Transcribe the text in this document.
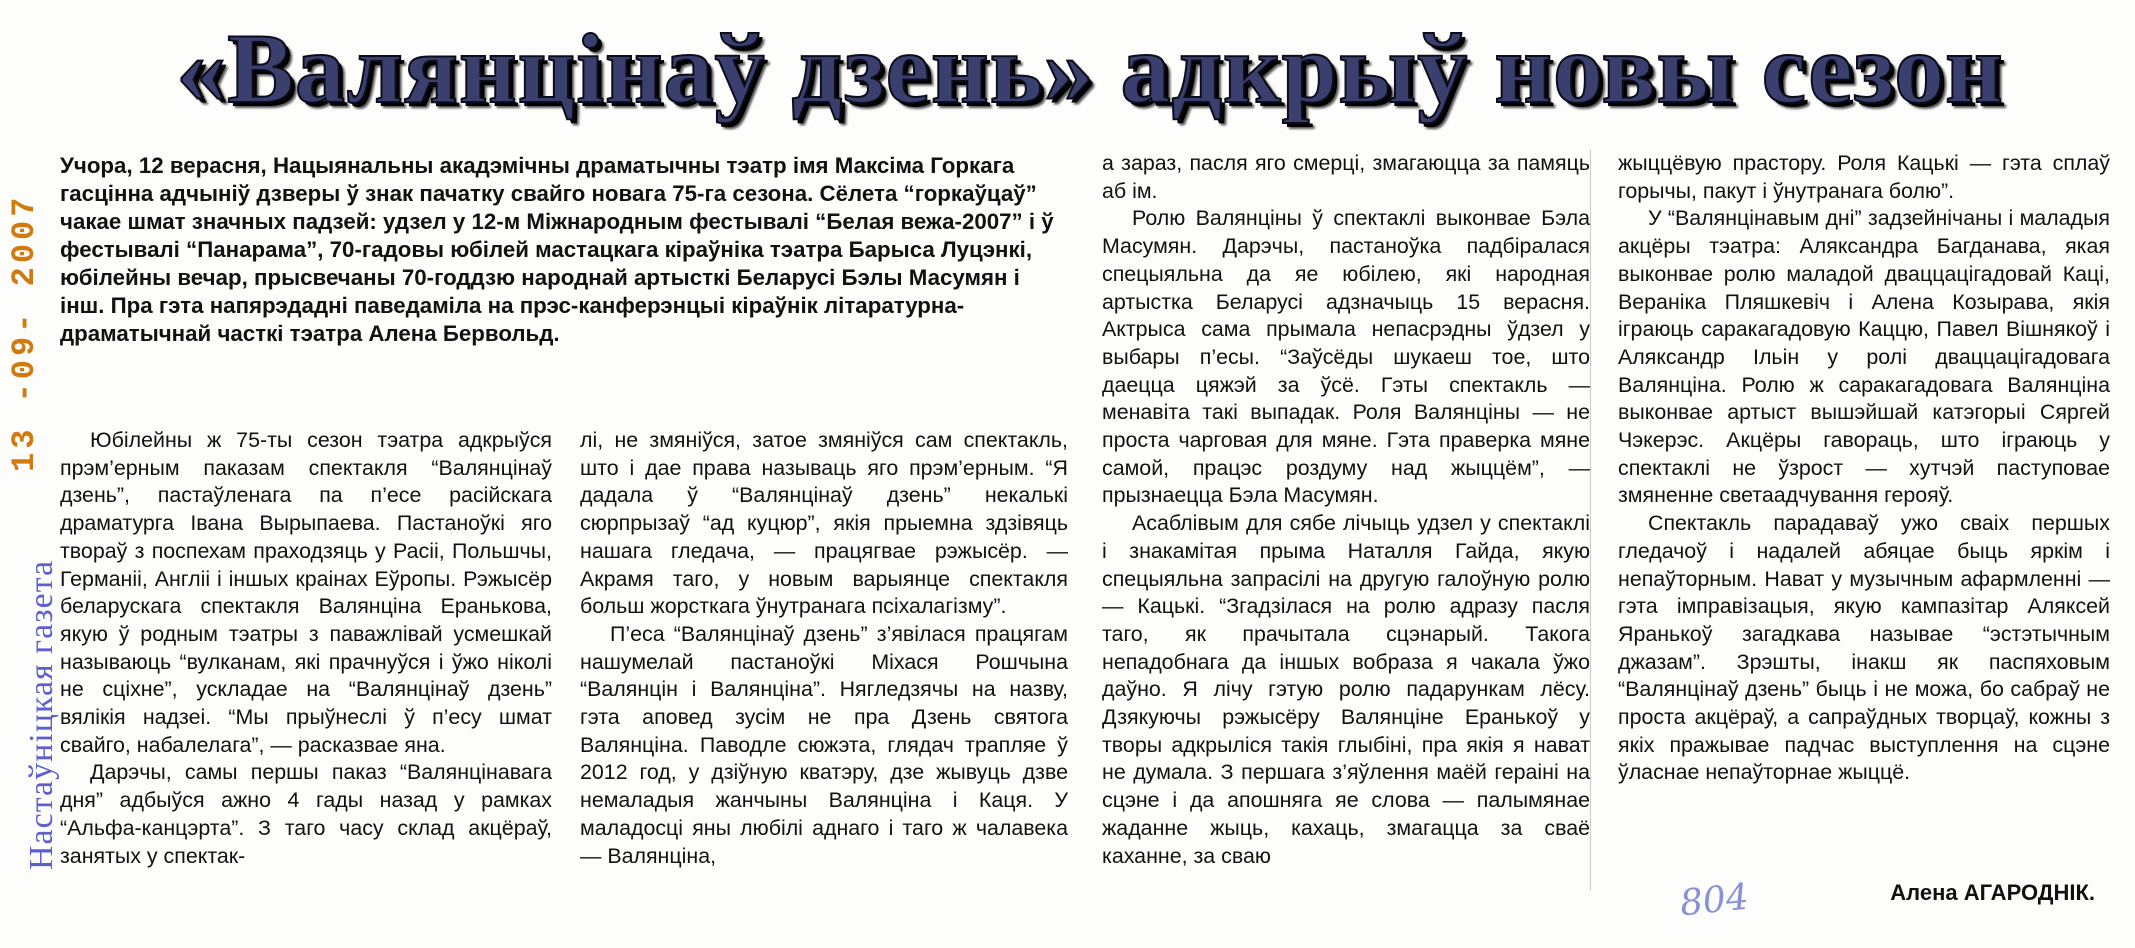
«Валянцінаў дзень» адкрыў новы сезон
Настаўніцкая газета
13 -09- 2007
Учора, 12 верасня, Нацыянальны акадэмічны драматычны тэатр імя Максіма Горкага гасцінна адчыніў дзверы ў знак пачатку свайго новага 75-га сезона. Сёлета “горкаўцаў” чакае шмат значных падзей: удзел у 12-м Міжнародным фестывалі “Белая вежа-2007” і ў фестывалі “Панарама”, 70-гадовы юбілей мастацкага кіраўніка тэатра Барыса Луцэнкі, юбілейны вечар, прысвечаны 70-годдзю народнай артысткі Беларусі Бэлы Масумян і інш. Пра гэта напярэдадні паведаміла на прэс-канферэнцыі кіраўнік літаратурна-драматычнай часткі тэатра Алена Бервольд.

Юбілейны ж 75-ты сезон тэатра адкрыўся прэм’ерным паказам спектакля “Валянцінаў дзень”, пастаўленага па п’есе расійскага драматурга Івана Вырыпаева. Пастаноўкі яго твораў з поспехам праходзяць у Расіі, Польшчы, Германіі, Англіі і іншых краінах Еўропы. Рэжысёр беларускага спектакля Валянціна Еранькова, якую ў родным тэатры з паважлівай усмешкай называюць “вулканам, які прачнуўся і ўжо ніколі не сціхне”, ускладае на “Валянцінаў дзень” вялікія надзеі. “Мы прыўнеслі ў п’есу шмат свайго, набалелага”, — расказвае яна.

Дарэчы, самы першы паказ “Валянцінавага дня” адбыўся ажно 4 гады назад у рамках “Альфа-канцэрта”. З таго часу склад акцёраў, занятых у спектак-

лі, не змяніўся, затое змяніўся сам спектакль, што і дае права называць яго прэм’ерным. “Я дадала ў “Валянцінаў дзень” некалькі сюрпрызаў “ад куцюр”, якія прыемна здзівяць нашага гледача, — працягвае рэжысёр. — Акрамя таго, у новым варыянце спектакля больш жорсткага ўнутранага псіхалагізму”.

П’еса “Валянцінаў дзень” з’явілася працягам нашумелай пастаноўкі Міхася Рошчына “Валянцін і Валянціна”. Нягледзячы на назву, гэта аповед зусім не пра Дзень святога Валянціна. Паводле сюжэта, глядач трапляе ў 2012 год, у дзіўную кватэру, дзе жывуць дзве немаладыя жанчыны Валянціна і Каця. У маладосці яны любілі аднаго і таго ж чалавека — Валянціна,

а зараз, пасля яго смерці, змагаюцца за памяць аб ім.

Ролю Валянціны ў спектаклі выконвае Бэла Масумян. Дарэчы, пастаноўка падбіралася спецыяльна да яе юбілею, які народная артыстка Беларусі адзначыць 15 верасня. Актрыса сама прымала непасрэдны ўдзел у выбары п’есы. “Заўсёды шукаеш тое, што даецца цяжэй за ўсё. Гэты спектакль — менавіта такі выпадак. Роля Валянціны — не проста чарговая для мяне. Гэта праверка мяне самой, працэс роздуму над жыццём”, — прызнаецца Бэла Масумян.

Асаблівым для сябе лічыць удзел у спектаклі і знакамітая прыма Наталля Гайда, якую спецыяльна запрасілі на другую галоўную ролю — Кацькі. “Згадзілася на ролю адразу пасля таго, як прачытала сцэнарый. Такога непадобнага да іншых вобраза я чакала ўжо даўно. Я лічу гэтую ролю падарункам лёсу. Дзякуючы рэжысёру Валянціне Еранькоў у творы адкрыліся такія глыбіні, пра якія я нават не думала. З першага з’яўлення маёй гераіні на сцэне і да апошняга яе слова — палымянае жаданне жыць, кахаць, змагацца за сваё каханне, за сваю

жыццёвую прастору. Роля Кацькі — гэта сплаў горычы, пакут і ўнутранага болю”.

У “Валянцінавым дні” задзейнічаны і маладыя акцёры тэатра: Аляксандра Багданава, якая выконвае ролю маладой дваццацігадовай Каці, Вераніка Пляшкевіч і Алена Козырава, якія іграюць саракагадовую Каццю, Павел Вішнякоў і Аляксандр Ільін у ролі дваццацігадовага Валянціна. Ролю ж саракагадовага Валянціна выконвае артыст вышэйшай катэгорыі Сяргей Чэкерэс. Акцёры гавораць, што іграюць у спектаклі не ўзрост — хутчэй паступовае змяненне светаадчування герояў.

Спектакль парадаваў ужо сваіх першых гледачоў і надалей абяцае быць яркім і непаўторным. Нават у музычным афармленні — гэта імправізацыя, якую кампазітар Аляксей Яранькоў загадкава называе “эстэтычным джазам”. Зрэшты, інакш як паспяховым “Валянцінаў дзень” быць і не можа, бо сабраў не проста акцёраў, а сапраўдных творцаў, кожны з якіх пражывае падчас выступлення на сцэне ўласнае непаўторнае жыццё.

804	Алена АГАРОДНІК.
